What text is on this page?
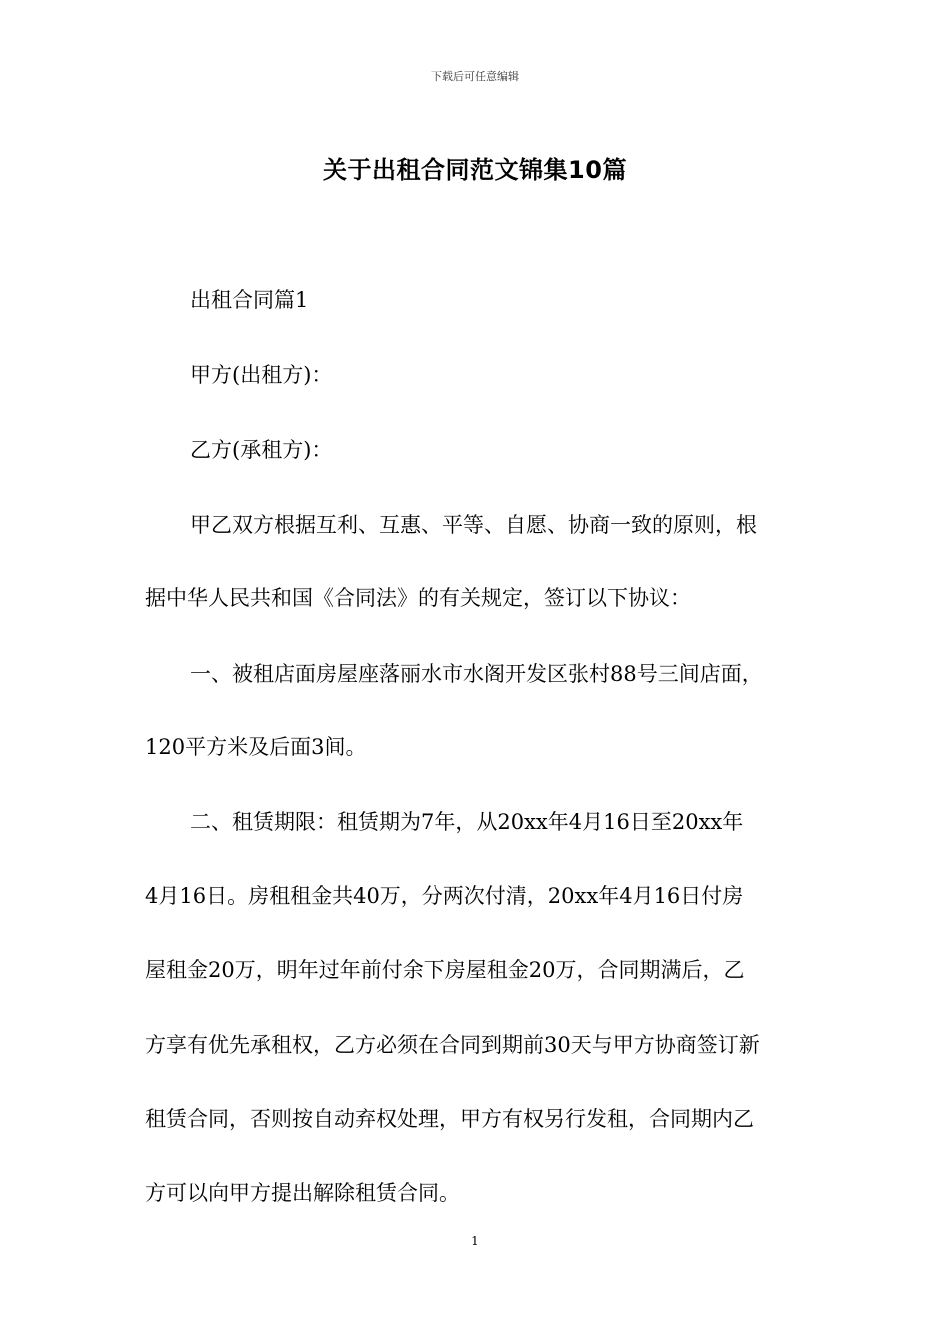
下载后可任意编辑
关于出租合同范文锦集10篇
出租合同篇1
甲方(出租方)：
乙方(承租方)：
甲乙双方根据互利、互惠、平等、自愿、协商一致的原则，根
据中华人民共和国《合同法》的有关规定，签订以下协议：
一、被租店面房屋座落丽水市水阁开发区张村88号三间店面，
120平方米及后面3间。
二、租赁期限：租赁期为7年，从20xx年4月16日至20xx年
4月16日。房租租金共40万，分两次付清，20xx年4月16日付房
屋租金20万，明年过年前付余下房屋租金20万，合同期满后，乙
方享有优先承租权，乙方必须在合同到期前30天与甲方协商签订新
租赁合同，否则按自动弃权处理，甲方有权另行发租，合同期内乙
方可以向甲方提出解除租赁合同。
1
